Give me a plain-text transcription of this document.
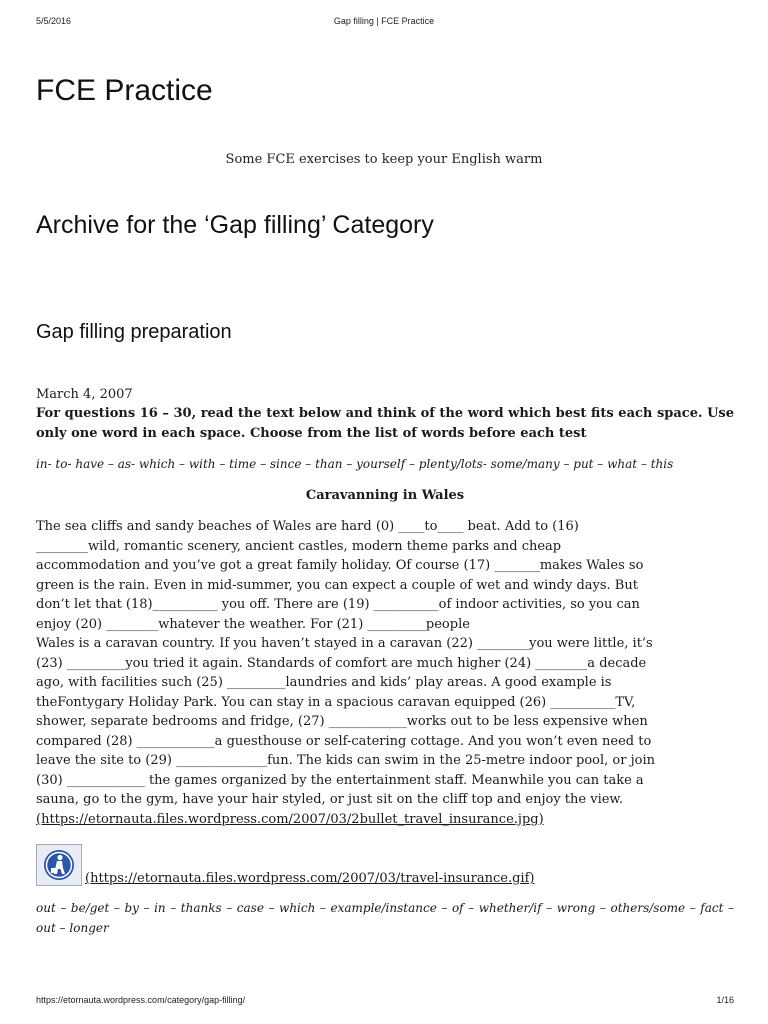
5/5/2016	Gap filling | FCE Practice
FCE Practice
Some FCE exercises to keep your English warm
Archive for the ‘Gap filling’ Category
Gap filling preparation

March 4, 2007

For questions 16 – 30, read the text below and think of the word which best fits each space. Use only one word in each space. Choose from the list of words before each test

in- to- have – as- which – with – time – since – than – yourself – plenty/lots- some/many – put – what – this

Caravanning in Wales

The sea cliffs and sandy beaches of Wales are hard (0) ____to____ beat. Add to (16)
________wild, romantic scenery, ancient castles, modern theme parks and cheap
accommodation and you’ve got a great family holiday. Of course (17) _______makes Wales so
green is the rain. Even in mid-summer, you can expect a couple of wet and windy days. But
don’t let that (18)__________ you off. There are (19) __________of indoor activities, so you can
enjoy (20) ________whatever the weather. For (21) _________people
Wales is a caravan country. If you haven’t stayed in a caravan (22) ________you were little, it’s
(23) _________you tried it again. Standards of comfort are much higher (24) ________a decade
ago, with facilities such (25) _________laundries and kids’ play areas. A good example is
theFontygary Holiday Park. You can stay in a spacious caravan equipped (26) __________TV,
shower, separate bedrooms and fridge, (27) ____________works out to be less expensive when
compared (28) ____________a guesthouse or self-catering cottage. And you won’t even need to
leave the site to (29) ______________fun. The kids can swim in the 25-metre indoor pool, or join
(30) ____________ the games organized by the entertainment staff. Meanwhile you can take a
sauna, go to the gym, have your hair styled, or just sit on the cliff top and enjoy the view.
(https://etornauta.files.wordpress.com/2007/03/2bullet_travel_insurance.jpg)

(https://etornauta.files.wordpress.com/2007/03/travel-insurance.gif)

out – be/get – by – in – thanks – case – which – example/instance – of – whether/if – wrong – others/some – fact – out – longer

https://etornauta.wordpress.com/category/gap-filling/	1/16
